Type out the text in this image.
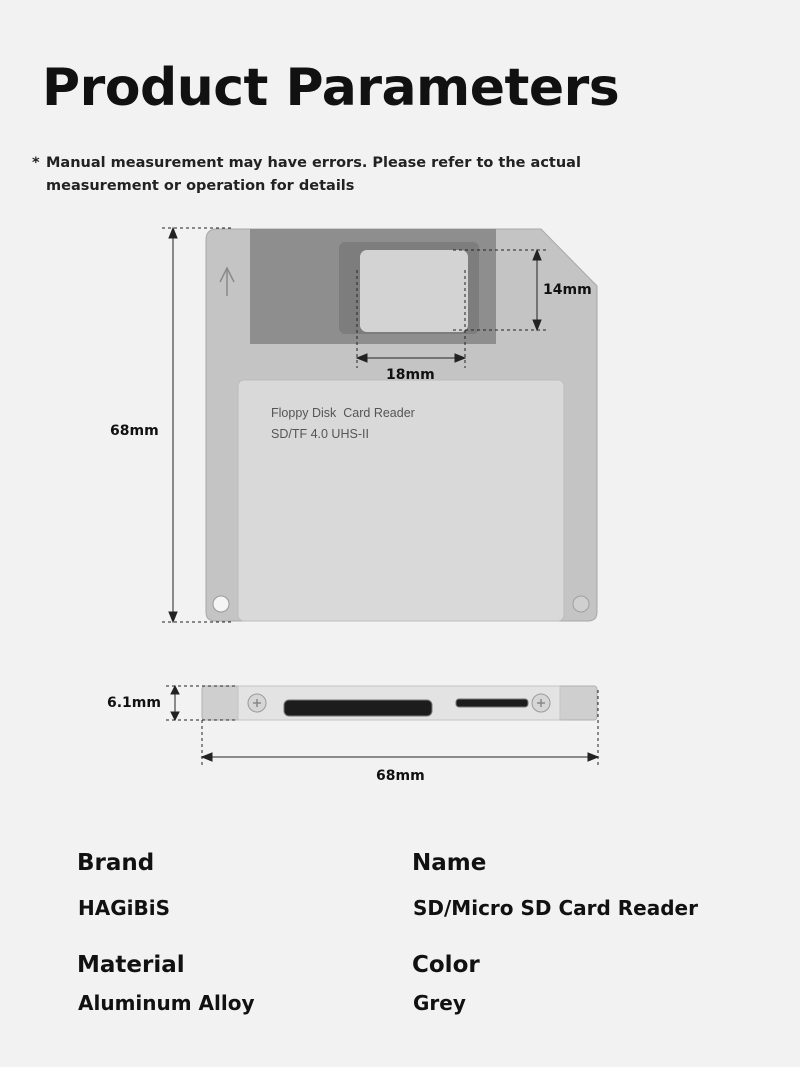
Product Parameters
* Manual measurement may have errors. Please refer to the actual
measurement or operation for details
68mm
14mm
18mm
6.1mm
68mm
Floppy Disk Card Reader
SD/TF 4.0 UHS-II
Brand
HAGiBiS
Name
SD/Micro SD Card Reader
Material
Aluminum Alloy
Color
Grey
